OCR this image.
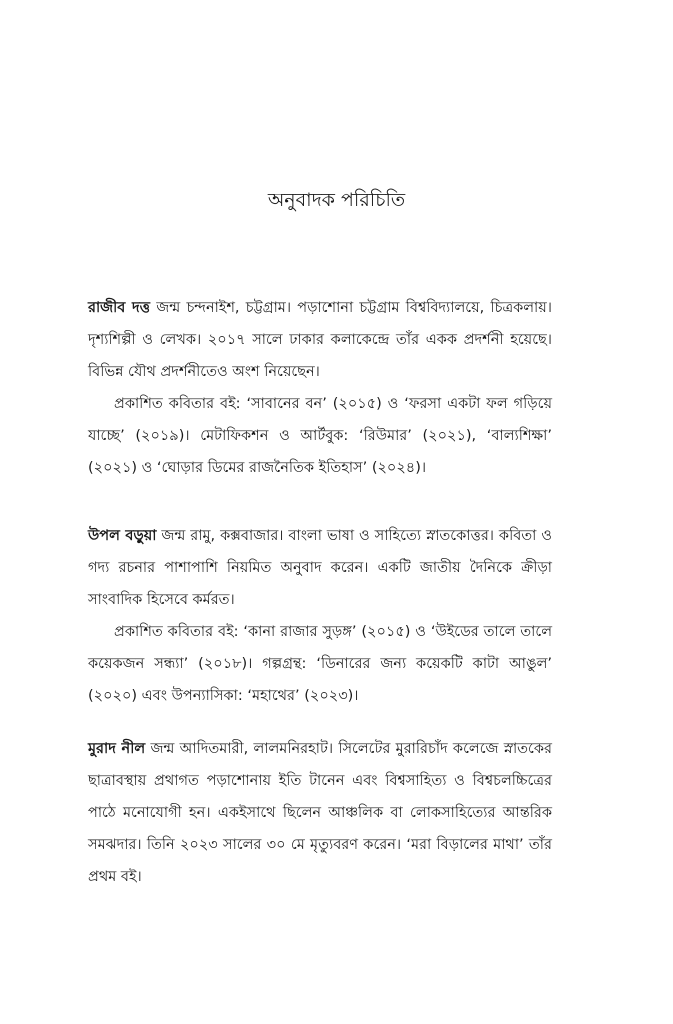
অনুবাদক পরিচিতি

রাজীব দত্ত জন্ম চন্দনাইশ, চট্টগ্রাম। পড়াশোনা চট্টগ্রাম বিশ্ববিদ্যালয়ে, চিত্রকলায়। দৃশ্যশিল্পী ও লেখক। ২০১৭ সালে ঢাকার কলাকেন্দ্রে তাঁর একক প্রদর্শনী হয়েছে। বিভিন্ন যৌথ প্রদর্শনীতেও অংশ নিয়েছেন।

প্রকাশিত কবিতার বই: ‘সাবানের বন’ (২০১৫) ও ‘ফরসা একটা ফল গড়িয়ে যাচ্ছে’ (২০১৯)। মেটাফিকশন ও আর্টবুক: ‘রিউমার’ (২০২১), ‘বাল্যশিক্ষা’ (২০২১) ও ‘ঘোড়ার ডিমের রাজনৈতিক ইতিহাস’ (২০২৪)।

উপল বড়ুয়া জন্ম রামু, কক্সবাজার। বাংলা ভাষা ও সাহিত্যে স্নাতকোত্তর। কবিতা ও গদ্য রচনার পাশাপাশি নিয়মিত অনুবাদ করেন। একটি জাতীয় দৈনিকে ক্রীড়া সাংবাদিক হিসেবে কর্মরত।

প্রকাশিত কবিতার বই: ‘কানা রাজার সুড়ঙ্গ’ (২০১৫) ও ‘উইডের তালে তালে কয়েকজন সন্ধ্যা’ (২০১৮)। গল্পগ্রন্থ: ‘ডিনারের জন্য কয়েকটি কাটা আঙুল’ (২০২০) এবং উপন্যাসিকা: ‘মহাথের’ (২০২৩)।

মুরাদ নীল জন্ম আদিতমারী, লালমনিরহাট। সিলেটের মুরারিচাঁদ কলেজে স্নাতকের ছাত্রাবস্থায় প্রথাগত পড়াশোনায় ইতি টানেন এবং বিশ্বসাহিত্য ও বিশ্বচলচ্চিত্রের পাঠে মনোযোগী হন। একইসাথে ছিলেন আঞ্চলিক বা লোকসাহিত্যের আন্তরিক সমঝদার। তিনি ২০২৩ সালের ৩০ মে মৃত্যুবরণ করেন। ‘মরা বিড়ালের মাথা’ তাঁর প্রথম বই।
